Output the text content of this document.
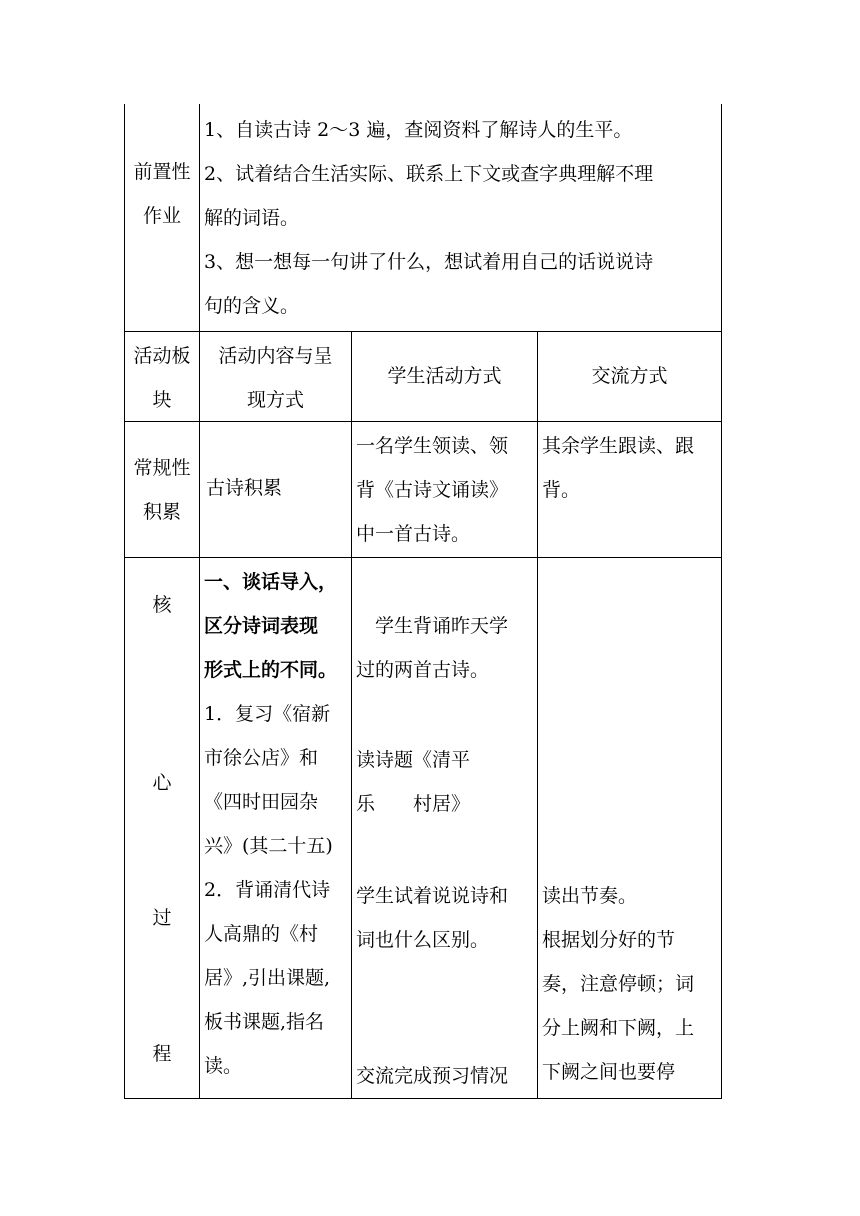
前置性

作业

1、自读古诗 2～3 遍，查阅资料了解诗人的生平。

2、试着结合生活实际、联系上下文或查字典理解不理

解的词语。

3、想一想每一句讲了什么，想试着用自己的话说说诗

句的含义。

活动板

块

活动内容与呈

现方式

学生活动方式	交流方式

常规性

积累

古诗积累

一名学生领读、领

背《古诗文诵读》

中一首古诗。

其余学生跟读、跟

背。

核

心

过

程

一、谈话导入，

区分诗词表现

形式上的不同。

1．复习《宿新

市徐公店》和

《四时田园杂

兴》(其二十五)

2．背诵清代诗

人高鼎的《村

居》,引出课题,

板书课题,指名

读。

　学生背诵昨天学

过的两首古诗。

读诗题《清平

乐　　村居》

学生试着说说诗和

词也什么区别。

交流完成预习情况

读出节奏。

根据划分好的节

奏，注意停顿；词

分上阙和下阙，上

下阙之间也要停
